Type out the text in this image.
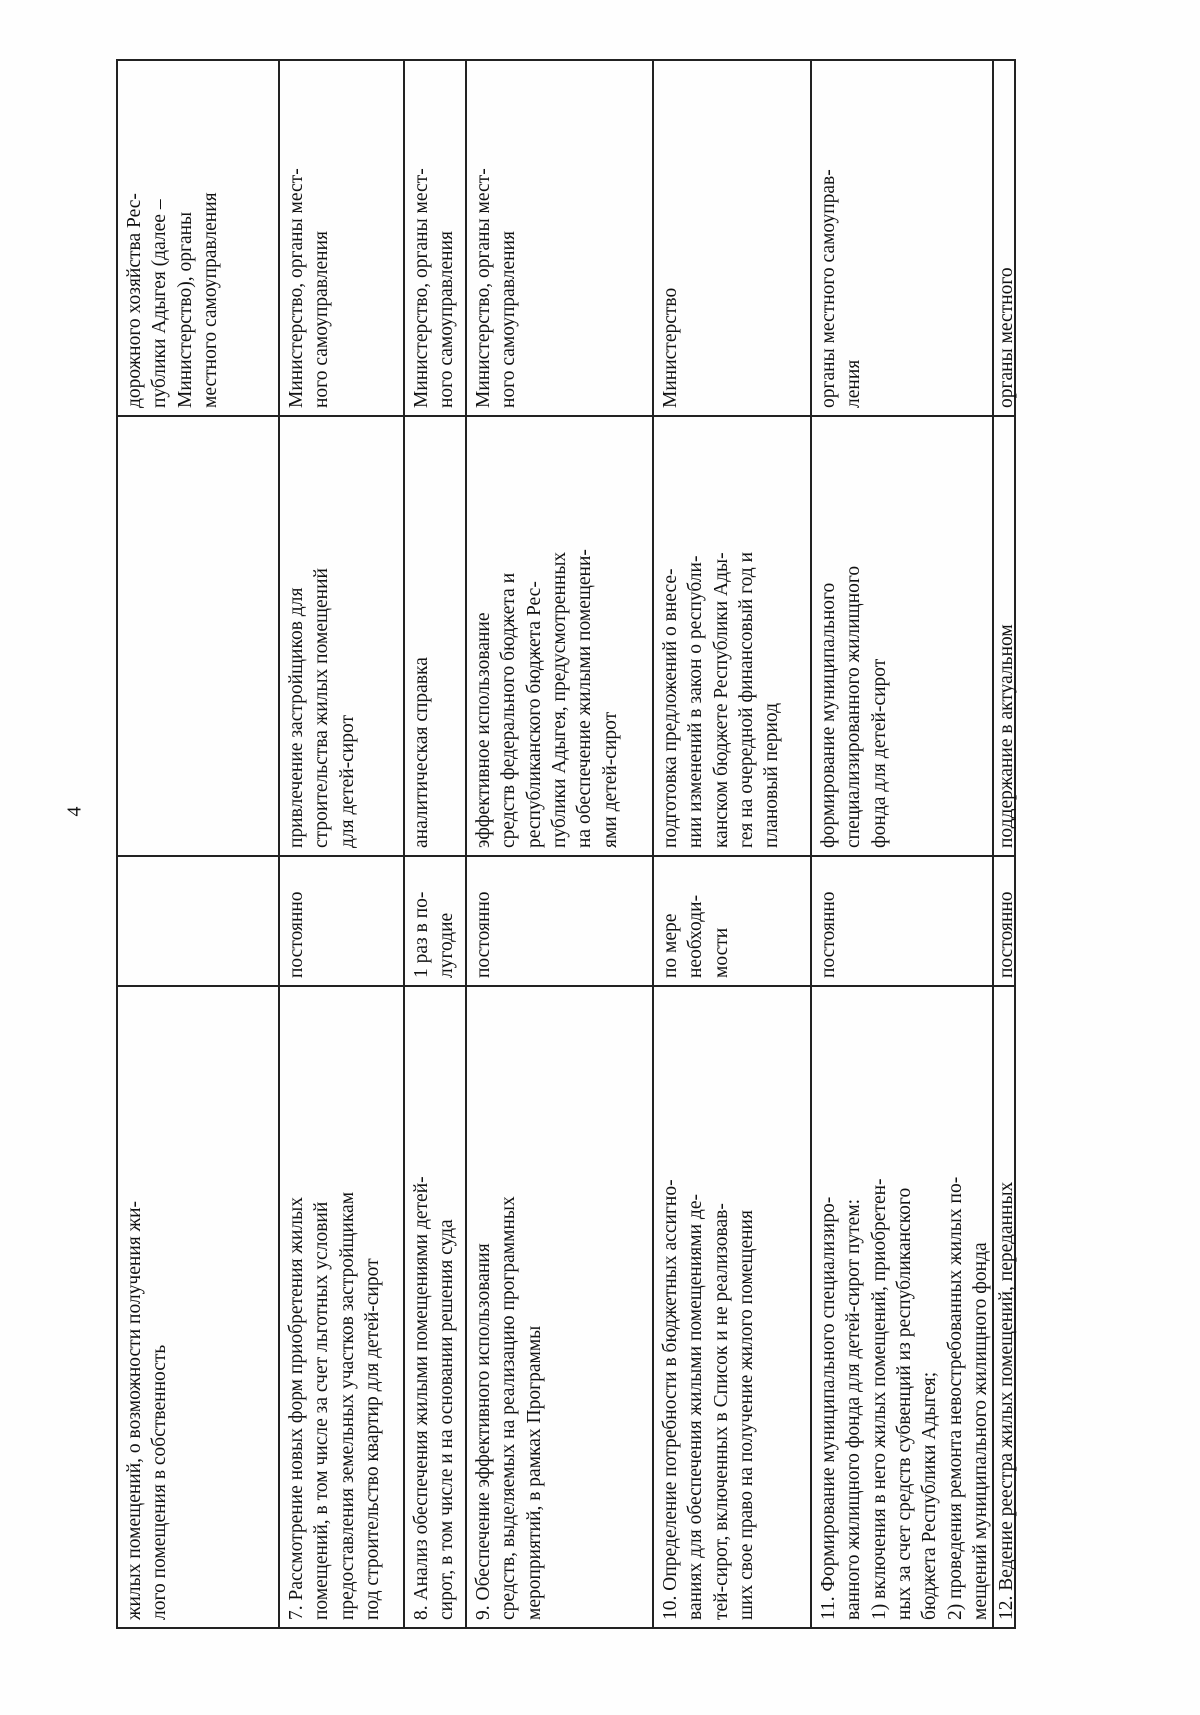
4
жилых помещений, о возможности получения жи- лого помещения в собственность
дорожного хозяйства Рес- публики Адыгея (далее – Министерство), органы местного самоуправления
7. Рассмотрение новых форм приобретения жилых помещений, в том числе за счет льготных условий предоставления земельных участков застройщикам под строительство квартир для детей-сирот
постоянно
привлечение застройщиков для строительства жилых помещений для детей-сирот
Министерство, органы мест- ного самоуправления
8. Анализ обеспечения жилыми помещениями детей- сирот, в том числе и на основании решения суда
1 раз в по- лугодие
аналитическая справка
Министерство, органы мест- ного самоуправления
9. Обеспечение эффективного использования средств, выделяемых на реализацию программных мероприятий, в рамках Программы
постоянно
эффективное использование средств федерального бюджета и республиканского бюджета Рес- публики Адыгея, предусмотренных на обеспечение жилыми помещени- ями детей-сирот
Министерство, органы мест- ного самоуправления
10. Определение потребности в бюджетных ассигно- ваниях для обеспечения жилыми помещениями де- тей-сирот, включенных в Список и не реализовав- ших свое право на получение жилого помещения
по мере необходи- мости
подготовка предложений о внесе- нии изменений в закон о республи- канском бюджете Республики Ады- гея на очередной финансовый год и плановый период
Министерство
11. Формирование муниципального специализиро- ванного жилищного фонда для детей-сирот путем: 1) включения в него жилых помещений, приобретен- ных за счет средств субвенций из республиканского бюджета Республики Адыгея; 2) проведения ремонта невостребованных жилых по- мещений муниципального жилищного фонда
постоянно
формирование муниципального специализированного жилищного фонда для детей-сирот
органы местного самоуправ- ления
12. Ведение реестра жилых помещений, переданных
постоянно
поддержание в актуальном
органы местного
